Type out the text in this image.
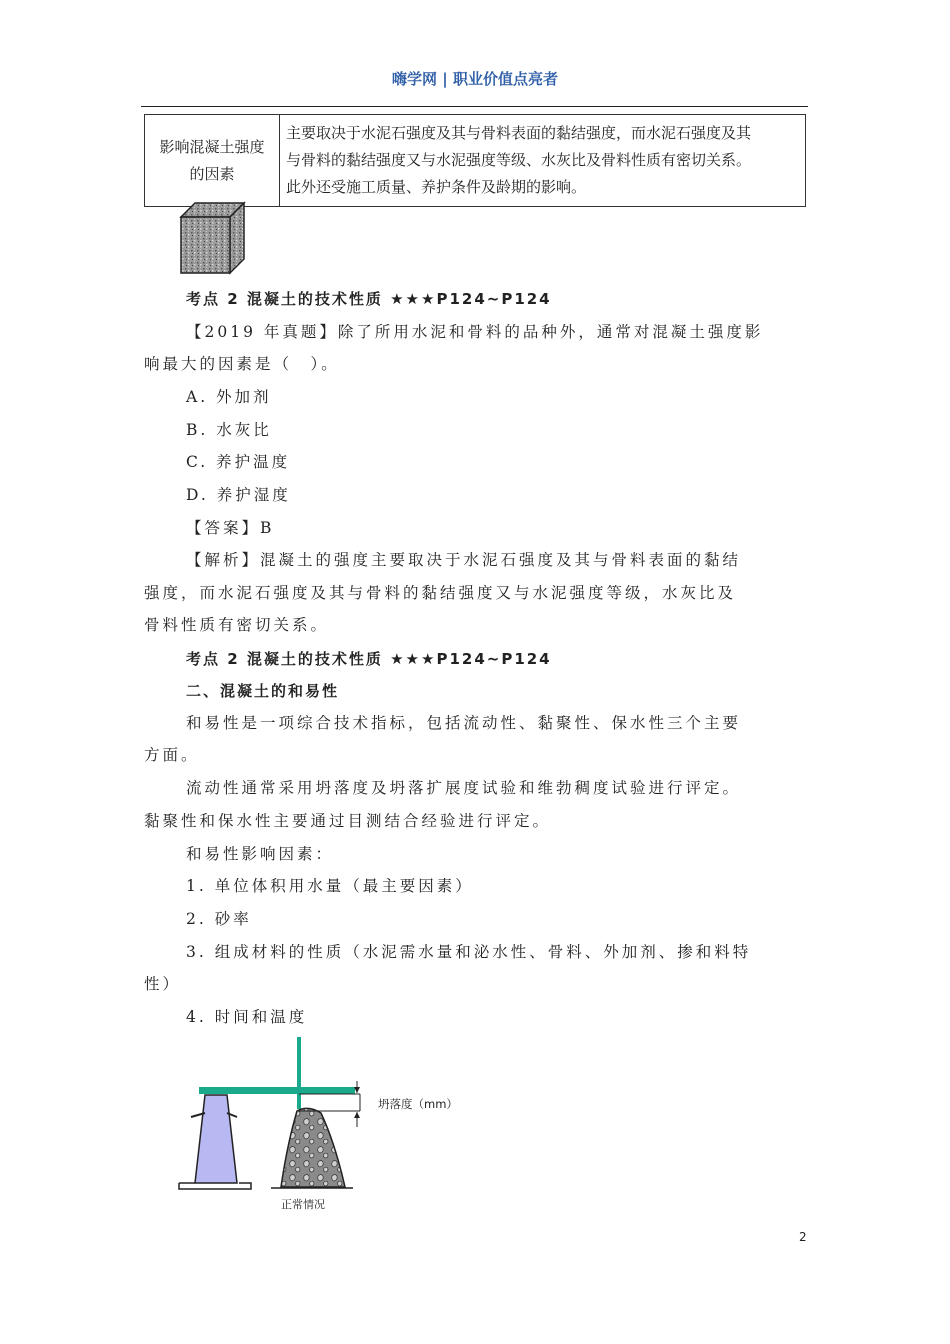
嗨学网 | 职业价值点亮者
影响混凝土强度
的因素

主要取决于水泥石强度及其与骨料表面的黏结强度，而水泥石强度及其
与骨料的黏结强度又与水泥强度等级、水灰比及骨料性质有密切关系。
此外还受施工质量、养护条件及龄期的影响。
考点 2 混凝土的技术性质 ★★★P124~P124
【2019 年真题】除了所用水泥和骨料的品种外，通常对混凝土强度影
响最大的因素是（　）。
A. 外加剂
B. 水灰比
C. 养护温度
D. 养护湿度
【答案】B
【解析】混凝土的强度主要取决于水泥石强度及其与骨料表面的黏结
强度，而水泥石强度及其与骨料的黏结强度又与水泥强度等级，水灰比及
骨料性质有密切关系。
考点 2 混凝土的技术性质 ★★★P124~P124
二、混凝土的和易性
和易性是一项综合技术指标，包括流动性、黏聚性、保水性三个主要
方面。
流动性通常采用坍落度及坍落扩展度试验和维勃稠度试验进行评定。
黏聚性和保水性主要通过目测结合经验进行评定。
和易性影响因素：
1. 单位体积用水量（最主要因素）
2. 砂率
3. 组成材料的性质（水泥需水量和泌水性、骨料、外加剂、掺和料特
性）
4. 时间和温度
坍落度（mm）
正常情况
2
